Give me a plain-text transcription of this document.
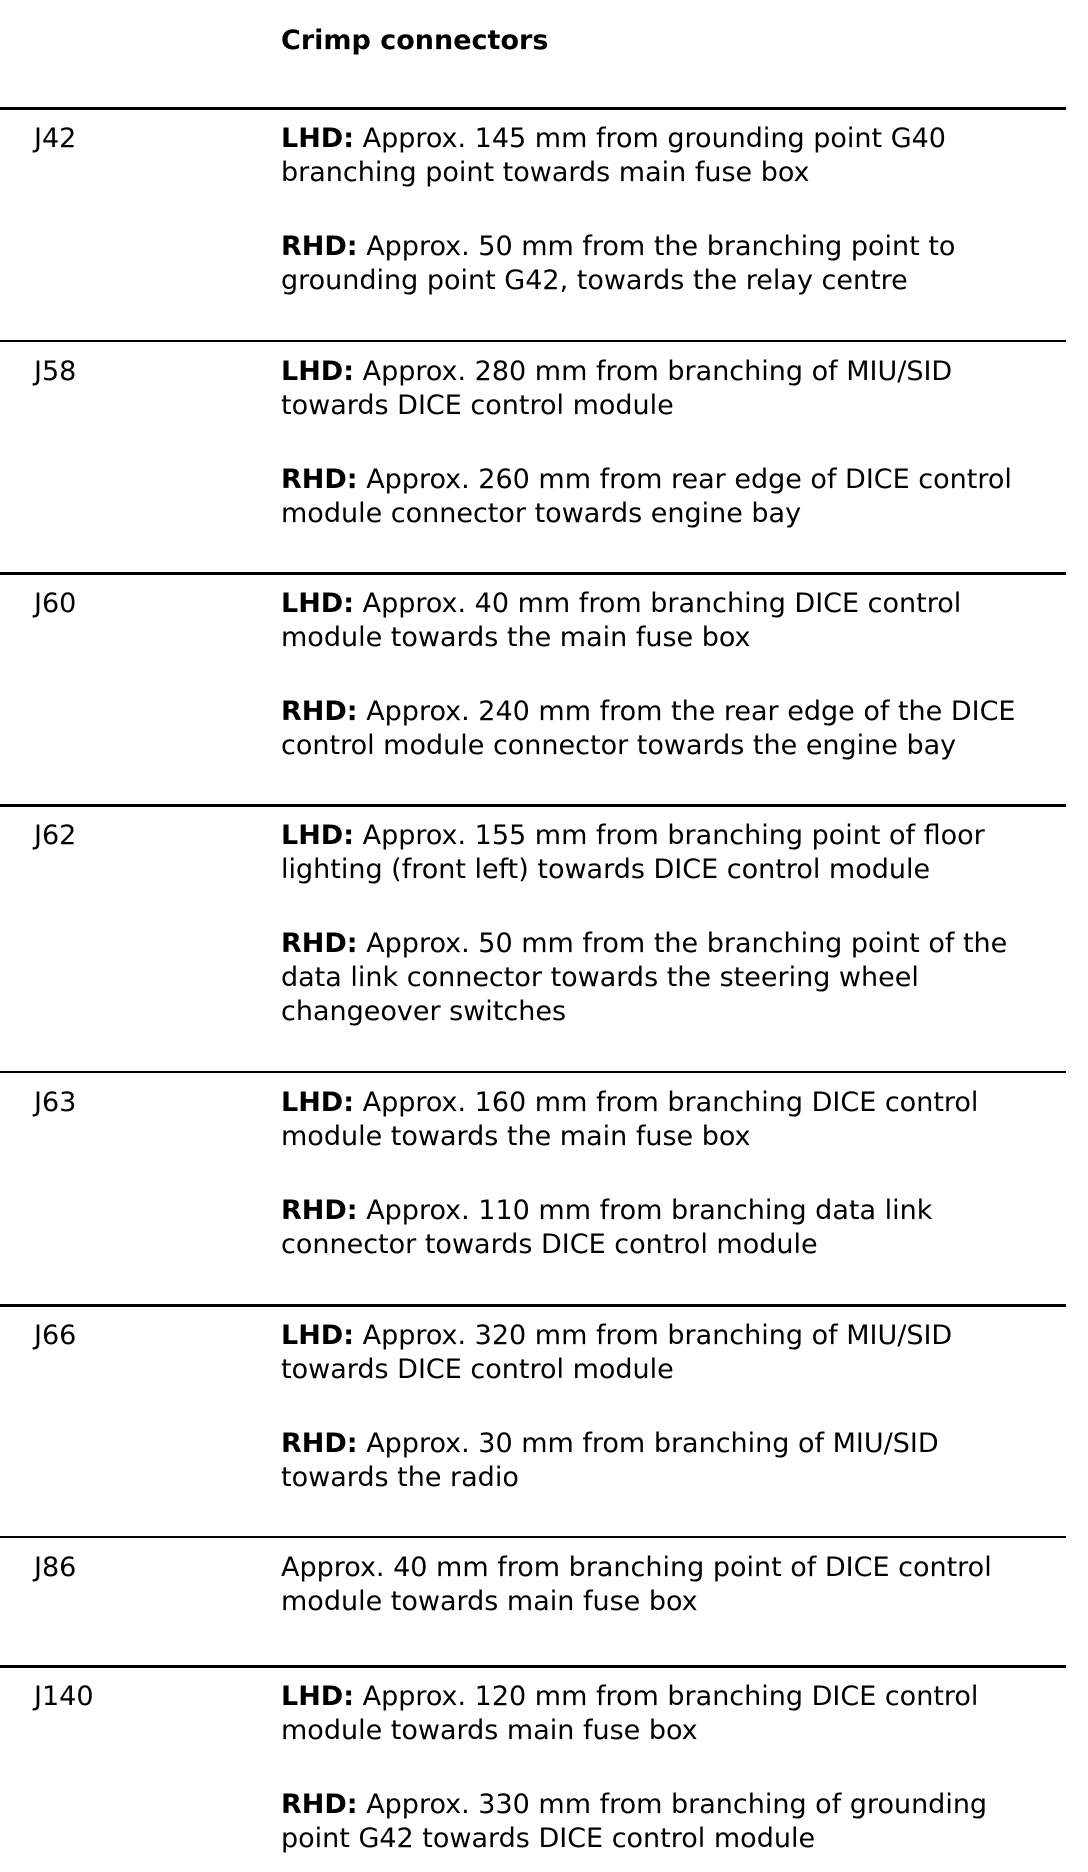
Crimp connectors
J42	LHD: Approx. 145 mm from grounding point G40
branching point towards main fuse box

RHD: Approx. 50 mm from the branching point to
grounding point G42, towards the relay centre

J58	LHD: Approx. 280 mm from branching of MIU/SID
towards DICE control module

RHD: Approx. 260 mm from rear edge of DICE control
module connector towards engine bay

J60	LHD: Approx. 40 mm from branching DICE control
module towards the main fuse box

RHD: Approx. 240 mm from the rear edge of the DICE
control module connector towards the engine bay

J62	LHD: Approx. 155 mm from branching point of floor
lighting (front left) towards DICE control module

RHD: Approx. 50 mm from the branching point of the
data link connector towards the steering wheel
changeover switches

J63	LHD: Approx. 160 mm from branching DICE control
module towards the main fuse box

RHD: Approx. 110 mm from branching data link
connector towards DICE control module

J66	LHD: Approx. 320 mm from branching of MIU/SID
towards DICE control module

RHD: Approx. 30 mm from branching of MIU/SID
towards the radio

J86	Approx. 40 mm from branching point of DICE control
module towards main fuse box

J140	LHD: Approx. 120 mm from branching DICE control
module towards main fuse box

RHD: Approx. 330 mm from branching of grounding
point G42 towards DICE control module
